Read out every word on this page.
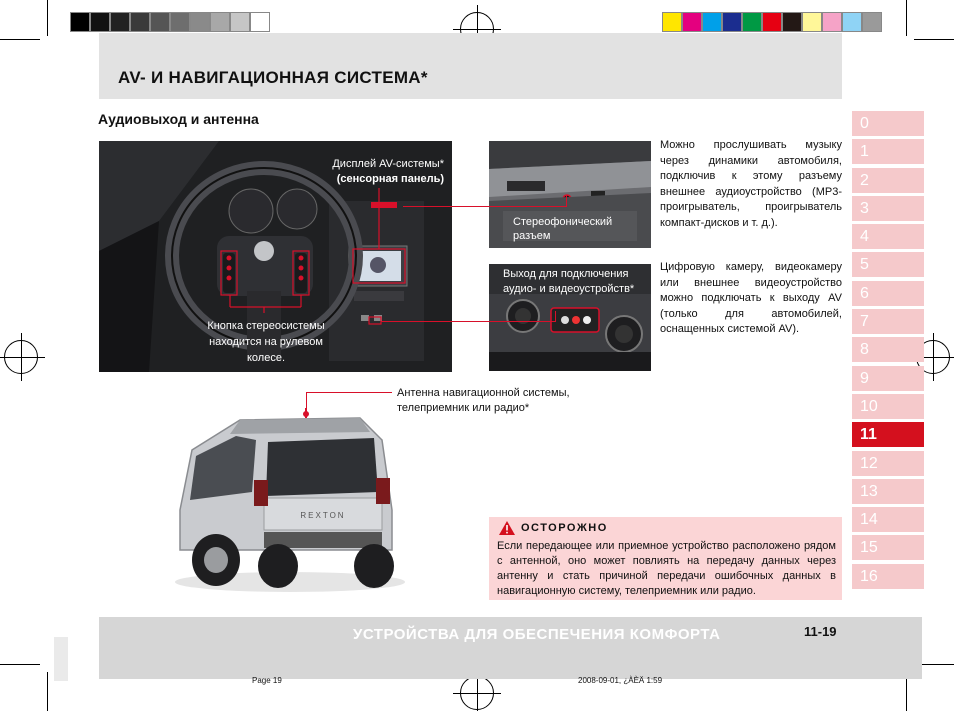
AV- И НАВИГАЦИОННАЯ СИСТЕМА*
Аудиовыход и антенна
Дисплей AV-системы*
(сенсорная панель)
Кнопка стереосистемы находится на рулевом колесе.
Стереофонический разъем
Выход для подключения
аудио- и видеоустройств*
Можно прослушивать музыку через динамики автомобиля, подключив к этому разъему внешнее аудиоустройство (MP3-проигрыватель, проигрыватель компакт-дисков и т. д.).
Цифровую камеру, видеокамеру или внешнее видеоустройство можно подключать к выходу AV (только для автомобилей, оснащенных системой AV).
Антенна навигационной системы,
телеприемник или радио*
REXTON
ОСТОРОЖНО
Если передающее или приемное устройство расположено рядом с антенной, оно может повлиять на передачу данных через антенну и стать причиной передачи ошибочных данных в навигационную систему, телеприемник или радио.
0
1
2
3
4
5
6
7
8
9
10
11
12
13
14
15
16
УСТРОЙСТВА ДЛЯ ОБЕСПЕЧЕНИЯ КОМФОРТА	11-19
Page 19	2008-09-01, ¿ÀÈÄ 1:59
